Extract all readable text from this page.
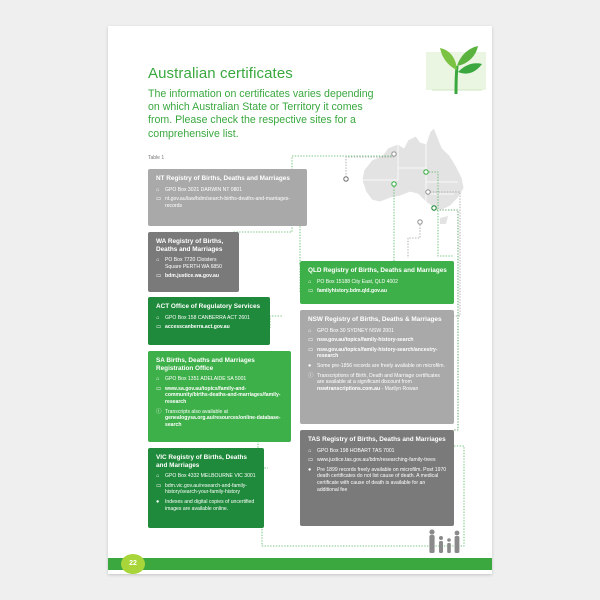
Australian certificates
The information on certificates varies depending on which Australian State or Territory it comes from. Please check the respective sites for a comprehensive list.
Table 1
NT Registry of Births, Deaths and Marriages
⌂ GPO Box 3021 DARWIN NT 0801
▭ nt.gov.au/law/bdm/search-births-deaths-and-marriages-records
WA Registry of Births, Deaths and Marriages
⌂ PO Box 7720 Cloisters Square PERTH WA 6850
▭ bdm.justice.wa.gov.au
ACT Office of Regulatory Services
⌂ GPO Box 158 CANBERRA ACT 2601
▭ accesscanberra.act.gov.au
SA Births, Deaths and Marriages Registration Office
⌂ GPO Box 1351 ADELAIDE SA 5001
▭ www.sa.gov.au/topics/family-and-community/births-deaths-and-marriages/family-research
ⓘ Transcripts also available at genealogysa.org.au/resources/online-database-search
VIC Registry of Births, Deaths and Marriages
⌂ GPO Box 4332 MELBOURNE VIC 3001
▭ bdm.vic.gov.au/research-and-family-history/search-your-family-history
● Indexes and digital copies of uncertified images are available online.
QLD Registry of Births, Deaths and Marriages
⌂ PO Box 15188 City East, QLD 4002
▭ familyhistory.bdm.qld.gov.au
NSW Registry of Births, Deaths & Marriages
⌂ GPO Box 30 SYDNEY NSW 2001
▭ nsw.gov.au/topics/family-history-search
▭ nsw.gov.au/topics/family-history-search/ancestry-research
● Some pre-1856 records are freely available on microfilm.
ⓘ Transcriptions of Birth, Death and Marriage certificates are available at a significant discount from nswtranscriptions.com.au - Marilyn Rowan
TAS Registry of Births, Deaths and Marriages
⌂ GPO Box 198 HOBART TAS 7001
▭ www.justice.tas.gov.au/bdm/researching-family-trees
● Pre 1899 records freely available on microfilm. Post 1970 death certificates do not list cause of death. A medical certificate with cause of death is available for an additional fee
22
